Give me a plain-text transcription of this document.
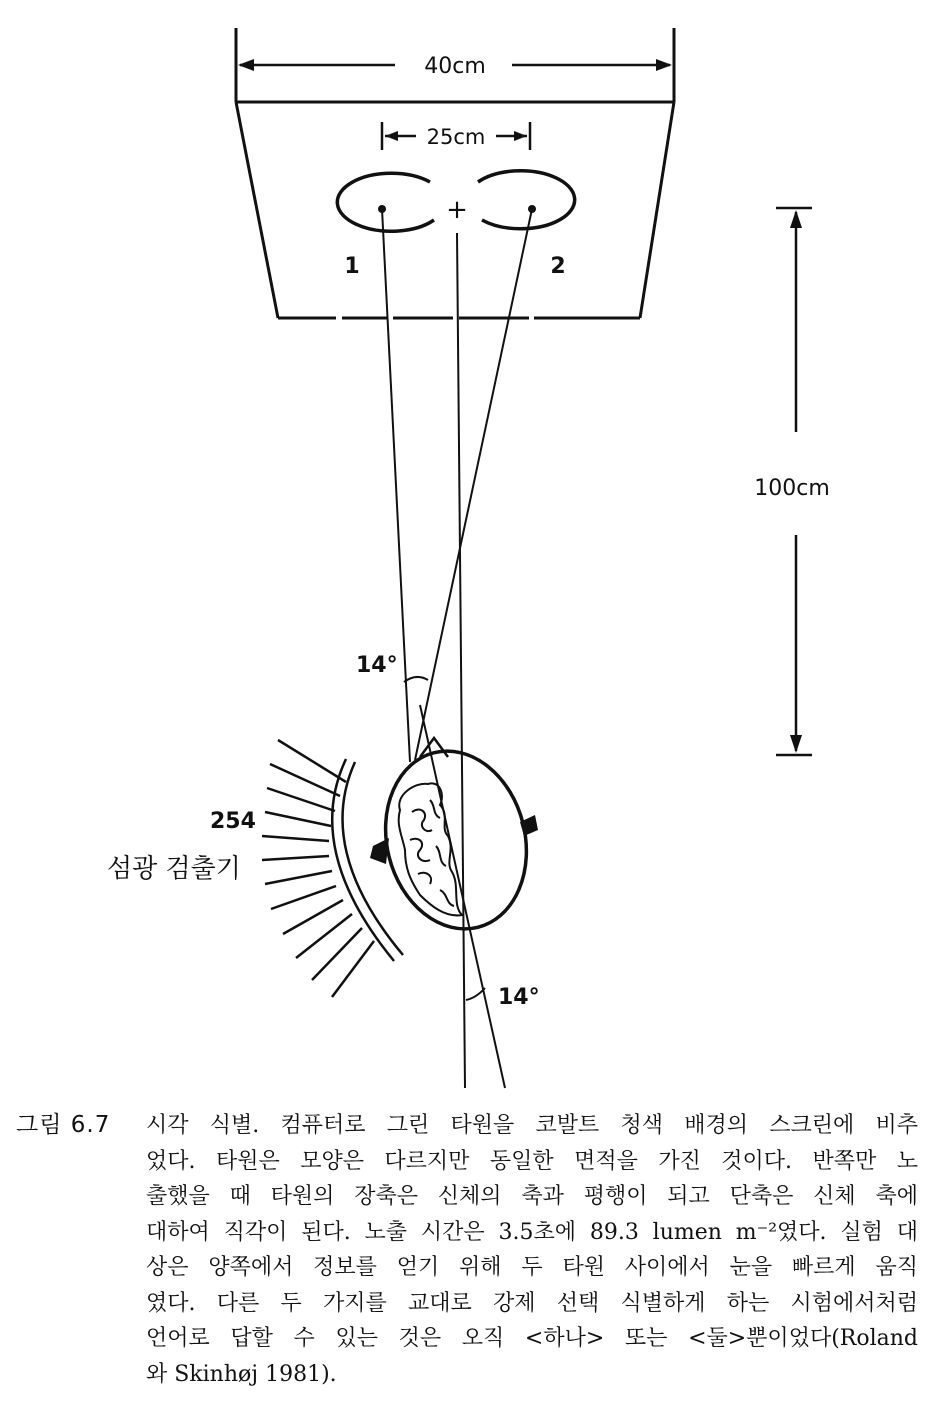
40cm
25cm
+
1	2
14°
14°
100cm
254
섬광 검출기
그림 6.7 시각 식별. 컴퓨터로 그린 타원을 코발트 청색 배경의 스크린에 비추
었다. 타원은 모양은 다르지만 동일한 면적을 가진 것이다. 반쪽만 노
출했을 때 타원의 장축은 신체의 축과 평행이 되고 단축은 신체 축에
대하여 직각이 된다. 노출 시간은 3.5초에 89.3 lumen m⁻²였다. 실험 대
상은 양쪽에서 정보를 얻기 위해 두 타원 사이에서 눈을 빠르게 움직
였다. 다른 두 가지를 교대로 강제 선택 식별하게 하는 시험에서처럼
언어로 답할 수 있는 것은 오직 <하나> 또는 <둘>뿐이었다(Roland
와 Skinhøj 1981).
